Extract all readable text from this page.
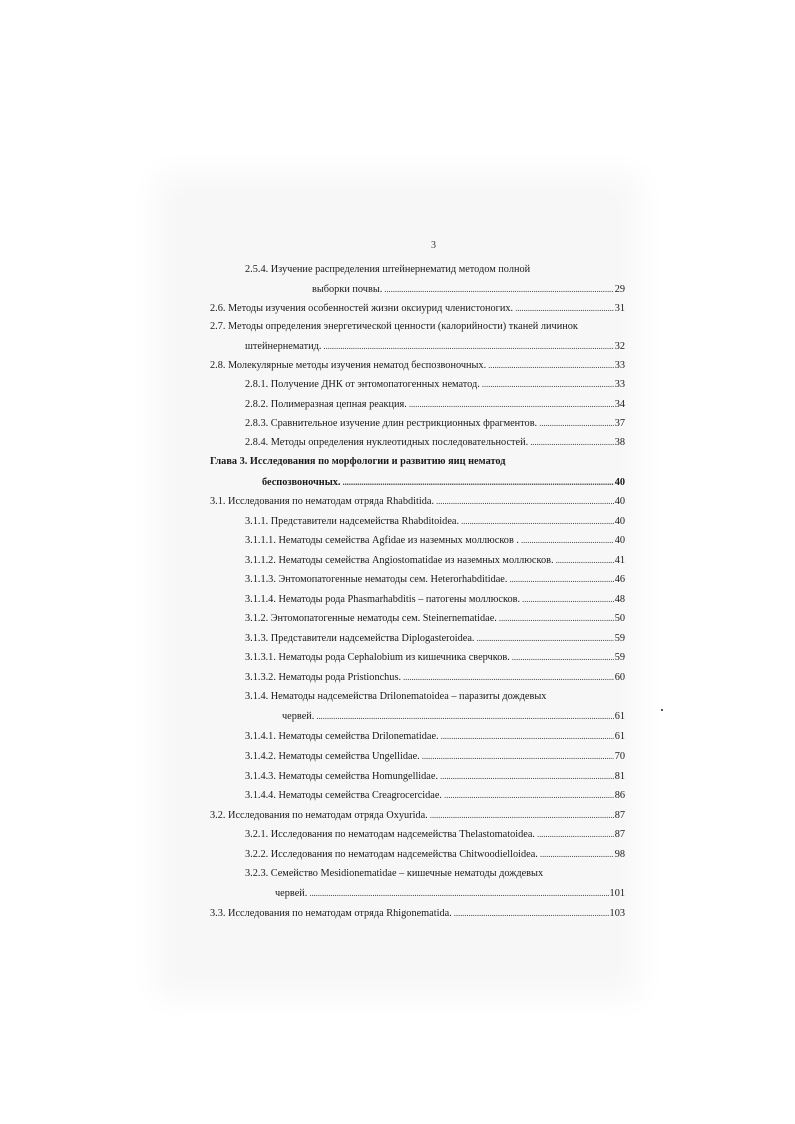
3
2.5.4. Изучение распределения штейнернематид методом полной
выборки почвы. . . .	29
2.6. Методы изучения особенностей жизни оксиурид членистоногих. . . .	31
2.7. Методы определения энергетической ценности (калорийности) тканей личинок
штейнернематид. . . .	32
2.8. Молекулярные методы изучения нематод беспозвоночных. . . .	33
2.8.1. Получение ДНК от энтомопатогенных нематод. . . .	33
2.8.2. Полимеразная цепная реакция. . . .	34
2.8.3. Сравнительное изучение длин рестрикционных фрагментов. . . .	37
2.8.4. Методы определения нуклеотидных последовательностей. . . .	38
Глава 3. Исследования по морфологии и развитию яиц нематод
беспозвоночных. . . .	40
3.1. Исследования по нематодам отряда Rhabditida. . . .	40
3.1.1. Представители надсемейства Rhabditoidea. . . .	40
3.1.1.1. Нематоды семейства Agfidae из наземных моллюсков . . . .	40
3.1.1.2. Нематоды семейства Angiostomatidae из наземных моллюсков. . . .	41
3.1.1.3. Энтомопатогенные нематоды сем. Heterorhabditidae. . . .	46
3.1.1.4. Нематоды рода Phasmarhabditis – патогены моллюсков. . . .	48
3.1.2. Энтомопатогенные нематоды сем. Steinernematidae. . . .	50
3.1.3. Представители надсемейства Diplogasteroidea. . . .	59
3.1.3.1. Нематоды рода Cephalobium из кишечника сверчков. . . .	59
3.1.3.2. Нематоды рода Pristionchus. . . .	60
3.1.4. Нематоды надсемейства Drilonematoidea – паразиты дождевых
червей. . . .	61
3.1.4.1. Нематоды семейства Drilonematidae. . . .	61
3.1.4.2. Нематоды семейства Ungellidae. . . .	70
3.1.4.3. Нематоды семейства Homungellidae. . . .	81
3.1.4.4. Нематоды семейства Creagrocercidae. . . .	86
3.2. Исследования по нематодам отряда Oxyurida. . . .	87
3.2.1. Исследования по нематодам надсемейства Thelastomatoidea. . . .	87
3.2.2. Исследования по нематодам надсемейства Chitwoodielloidea. . . .	98
3.2.3. Семейство Mesidionematidae – кишечные нематоды дождевых
червей. . . .	101
3.3. Исследования по нематодам отряда Rhigonematida. . . .	103
